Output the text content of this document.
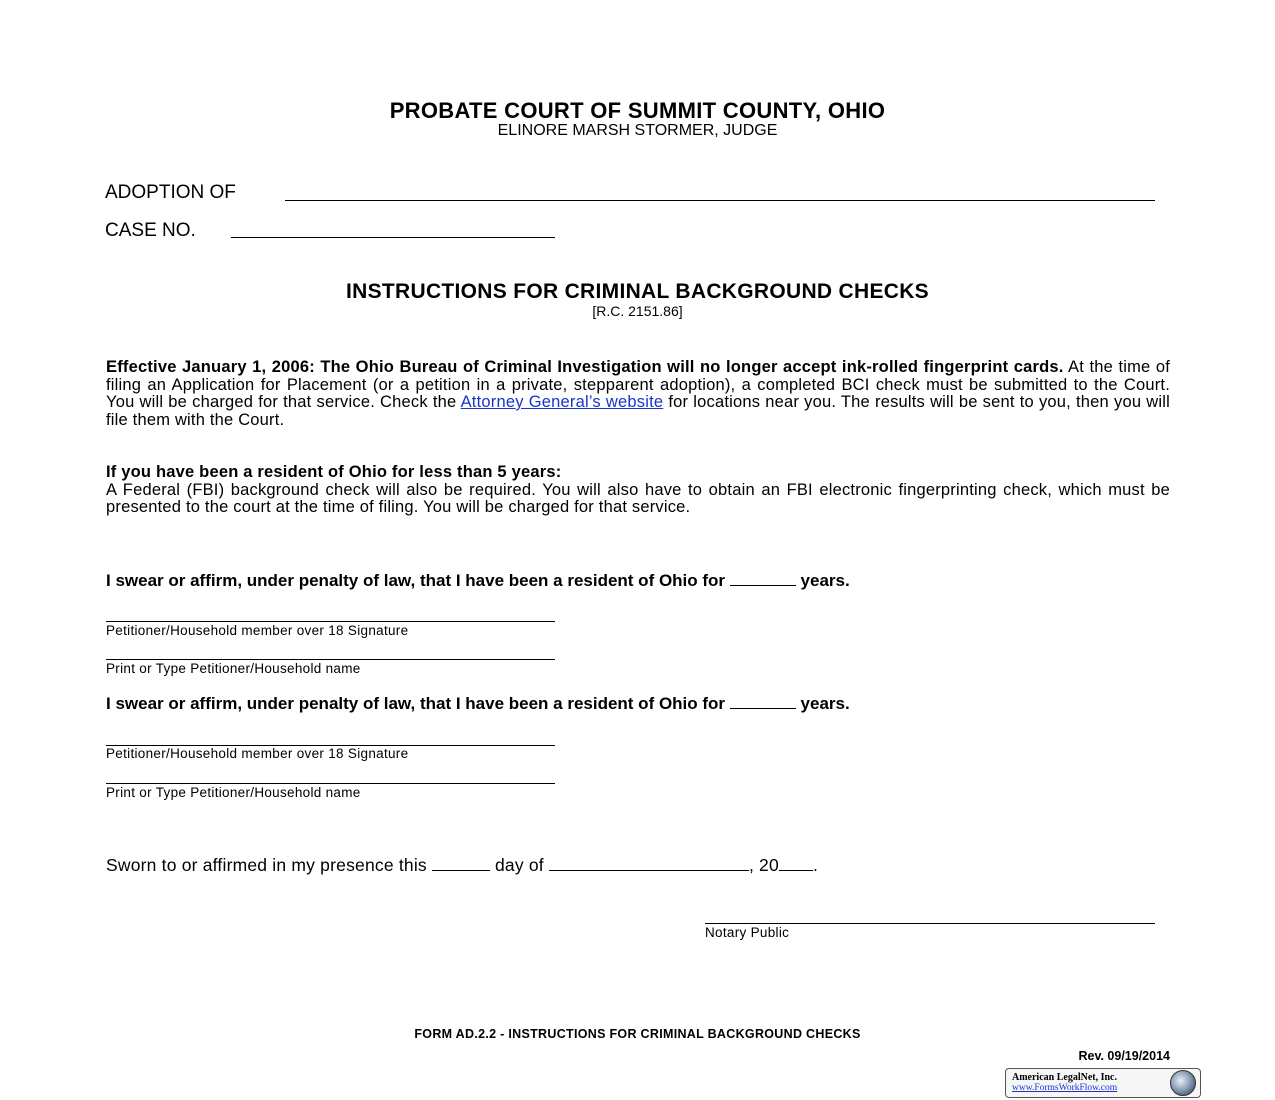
PROBATE COURT OF SUMMIT COUNTY, OHIO
ELINORE MARSH STORMER, JUDGE
ADOPTION OF
CASE NO.
INSTRUCTIONS FOR CRIMINAL BACKGROUND CHECKS
[R.C. 2151.86]
Effective January 1, 2006: The Ohio Bureau of Criminal Investigation will no longer accept ink-rolled fingerprint cards. At the time of filing an Application for Placement (or a petition in a private, stepparent adoption), a completed BCI check must be submitted to the Court. You will be charged for that service. Check the Attorney General’s website for locations near you. The results will be sent to you, then you will file them with the Court.
If you have been a resident of Ohio for less than 5 years:
A Federal (FBI) background check will also be required. You will also have to obtain an FBI electronic fingerprinting check, which must be presented to the court at the time of filing. You will be charged for that service.
I swear or affirm, under penalty of law, that I have been a resident of Ohio for	years.
Petitioner/Household member over 18 Signature
Print or Type Petitioner/Household name
I swear or affirm, under penalty of law, that I have been a resident of Ohio for	years.
Petitioner/Household member over 18 Signature
Print or Type Petitioner/Household name
Sworn to or affirmed in my presence this	day of	, 20 .
Notary Public
FORM AD.2.2 - INSTRUCTIONS FOR CRIMINAL BACKGROUND CHECKS
Rev. 09/19/2014
American LegalNet, Inc.
www.FormsWorkFlow.com
